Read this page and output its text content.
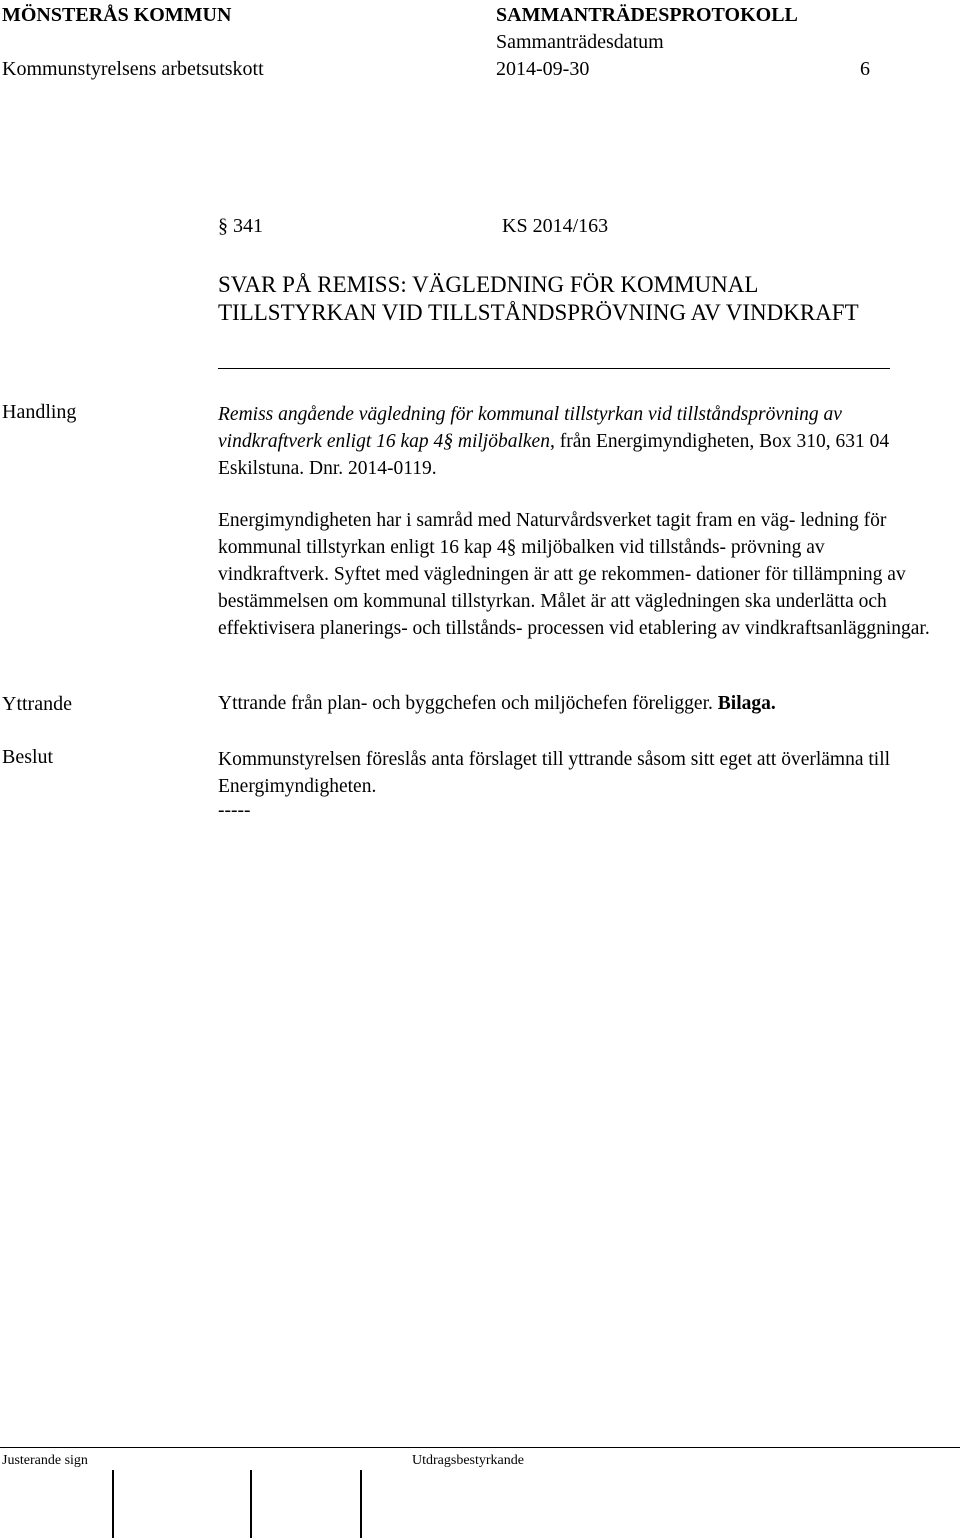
MÖNSTERÅS KOMMUN	SAMMANTRÄDESPROTOKOLL
Sammanträdesdatum
Kommunstyrelsens arbetsutskott	2014-09-30	6
§ 341	KS 2014/163
SVAR PÅ REMISS: VÄGLEDNING FÖR KOMMUNAL TILLSTYRKAN VID TILLSTÅNDSPRÖVNING AV VINDKRAFT
Handling	Remiss angående vägledning för kommunal tillstyrkan vid tillståndsprövning av vindkraftverk enligt 16 kap 4§ miljöbalken, från Energimyndigheten, Box 310, 631 04 Eskilstuna. Dnr. 2014-0119.
Energimyndigheten har i samråd med Naturvårdsverket tagit fram en väg- ledning för kommunal tillstyrkan enligt 16 kap 4§ miljöbalken vid tillstånds- prövning av vindkraftverk. Syftet med vägledningen är att ge rekommen- dationer för tillämpning av bestämmelsen om kommunal tillstyrkan. Målet är att vägledningen ska underlätta och effektivisera planerings- och tillstånds- processen vid etablering av vindkraftsanläggningar.
Yttrande	Yttrande från plan- och byggchefen och miljöchefen föreligger. Bilaga.
Beslut	Kommunstyrelsen föreslås anta förslaget till yttrande såsom sitt eget att överlämna till Energimyndigheten.
-----
Justerande sign	Utdragsbestyrkande
